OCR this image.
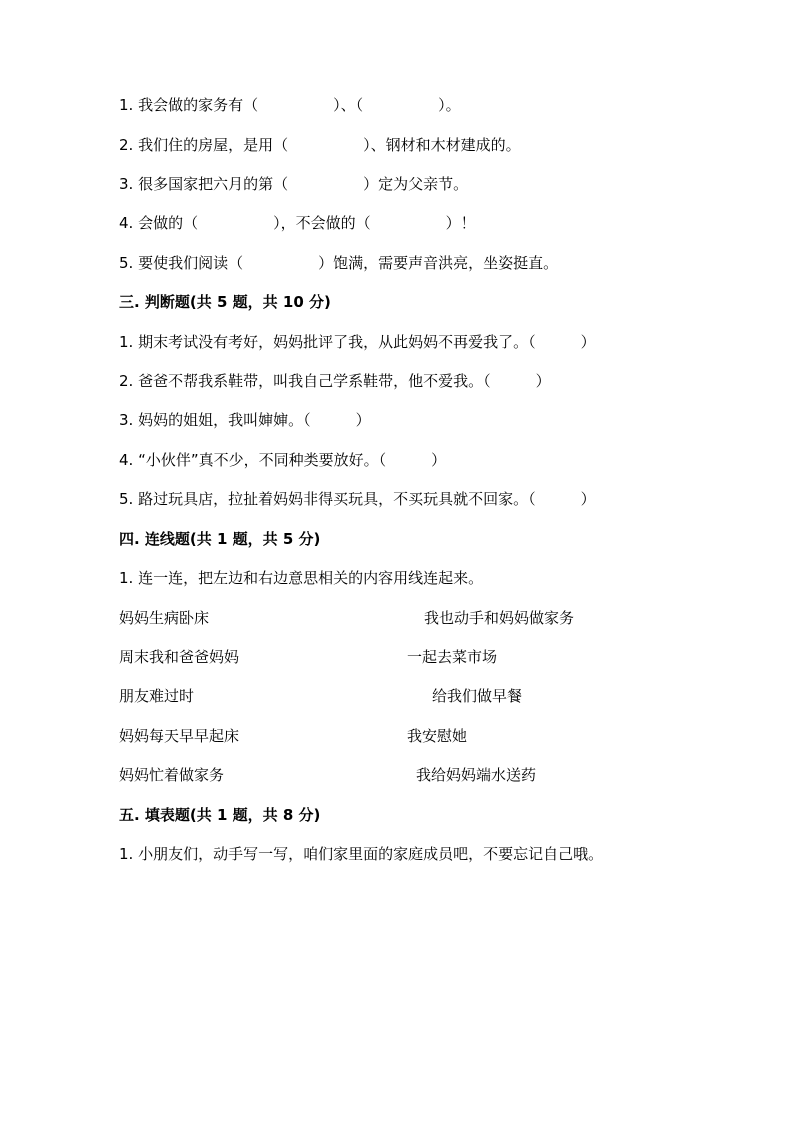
1. 我会做的家务有（　　　　　）、（　　　　　）。
2. 我们住的房屋，是用（　　　　　）、钢材和木材建成的。
3. 很多国家把六月的第（　　　　　）定为父亲节。
4. 会做的（　　　　　），不会做的（　　　　　）！
5. 要使我们阅读（　　　　　）饱满，需要声音洪亮，坐姿挺直。
三. 判断题(共 5 题，共 10 分)
1. 期末考试没有考好，妈妈批评了我，从此妈妈不再爱我了。（　　　）
2. 爸爸不帮我系鞋带，叫我自己学系鞋带，他不爱我。（　　　）
3. 妈妈的姐姐，我叫婶婶。（　　　）
4. “小伙伴”真不少，不同种类要放好。（　　　）
5. 路过玩具店，拉扯着妈妈非得买玩具，不买玩具就不回家。（　　　）
四. 连线题(共 1 题，共 5 分)
1. 连一连，把左边和右边意思相关的内容用线连起来。
妈妈生病卧床	我也动手和妈妈做家务
周末我和爸爸妈妈	一起去菜市场
朋友难过时	给我们做早餐
妈妈每天早早起床	我安慰她
妈妈忙着做家务	我给妈妈端水送药
五. 填表题(共 1 题，共 8 分)
1. 小朋友们，动手写一写，咱们家里面的家庭成员吧，不要忘记自己哦。
